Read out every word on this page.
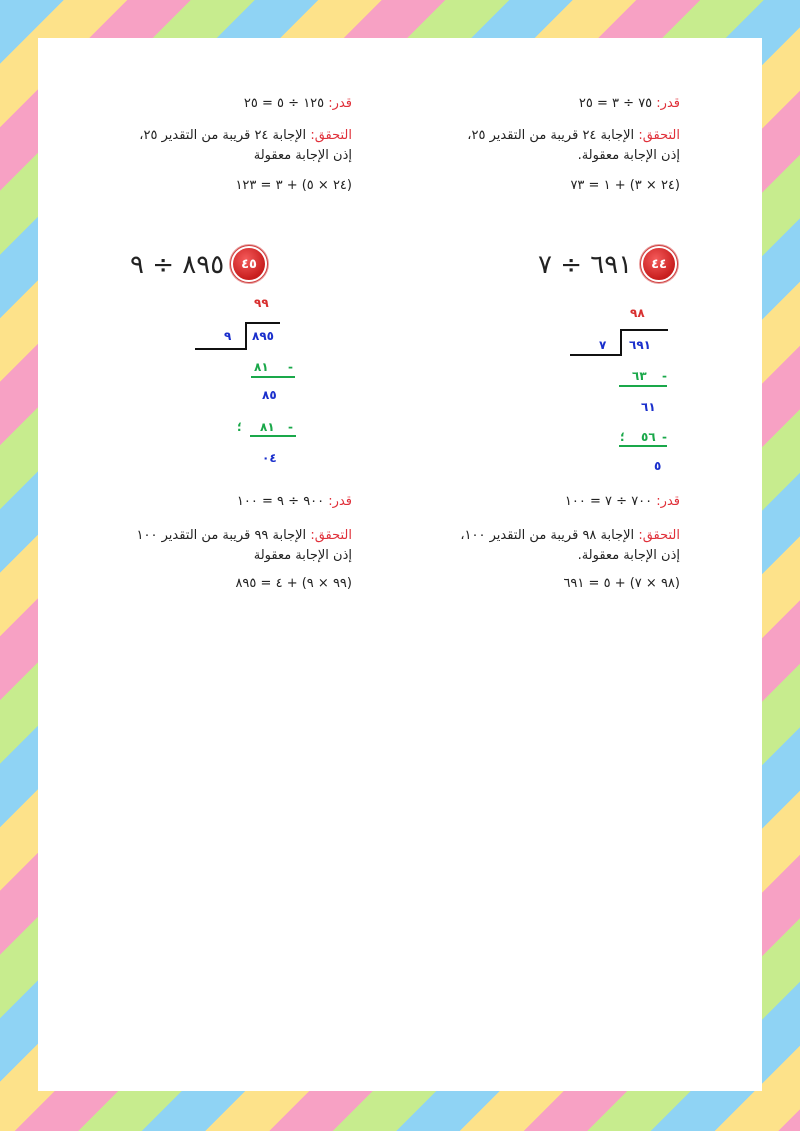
قدر: ٧٥ ÷ ٣ = ٢٥
التحقق: الإجابة ٢٤ قريبة من التقدير ٢٥،
إذن الإجابة معقولة.
(٢٤ × ٣) + ١ = ٧٣
قدر: ١٢٥ ÷ ٥ = ٢٥
التحقق: الإجابة ٢٤ قريبة من التقدير ٢٥،
إذن الإجابة معقولة
(٢٤ × ٥) + ٣ = ١٢٣
٤٤
٦٩١ ÷ ٧
٩٨
٧ ٦٩١
٦٣ -
٦١
؛ ٥٦ -
٥
٤٥
٨٩٥ ÷ ٩
٩٩
٩ ٨٩٥
٨١ -
٨٥
؛ ٨١ -
٠٤
قدر: ٧٠٠ ÷ ٧ = ١٠٠
التحقق: الإجابة ٩٨ قريبة من التقدير ١٠٠،
إذن الإجابة معقولة.
(٩٨ × ٧) + ٥ = ٦٩١
قدر: ٩٠٠ ÷ ٩ = ١٠٠
التحقق: الإجابة ٩٩ قريبة من التقدير ١٠٠
إذن الإجابة معقولة
(٩٩ × ٩) + ٤ = ٨٩٥
